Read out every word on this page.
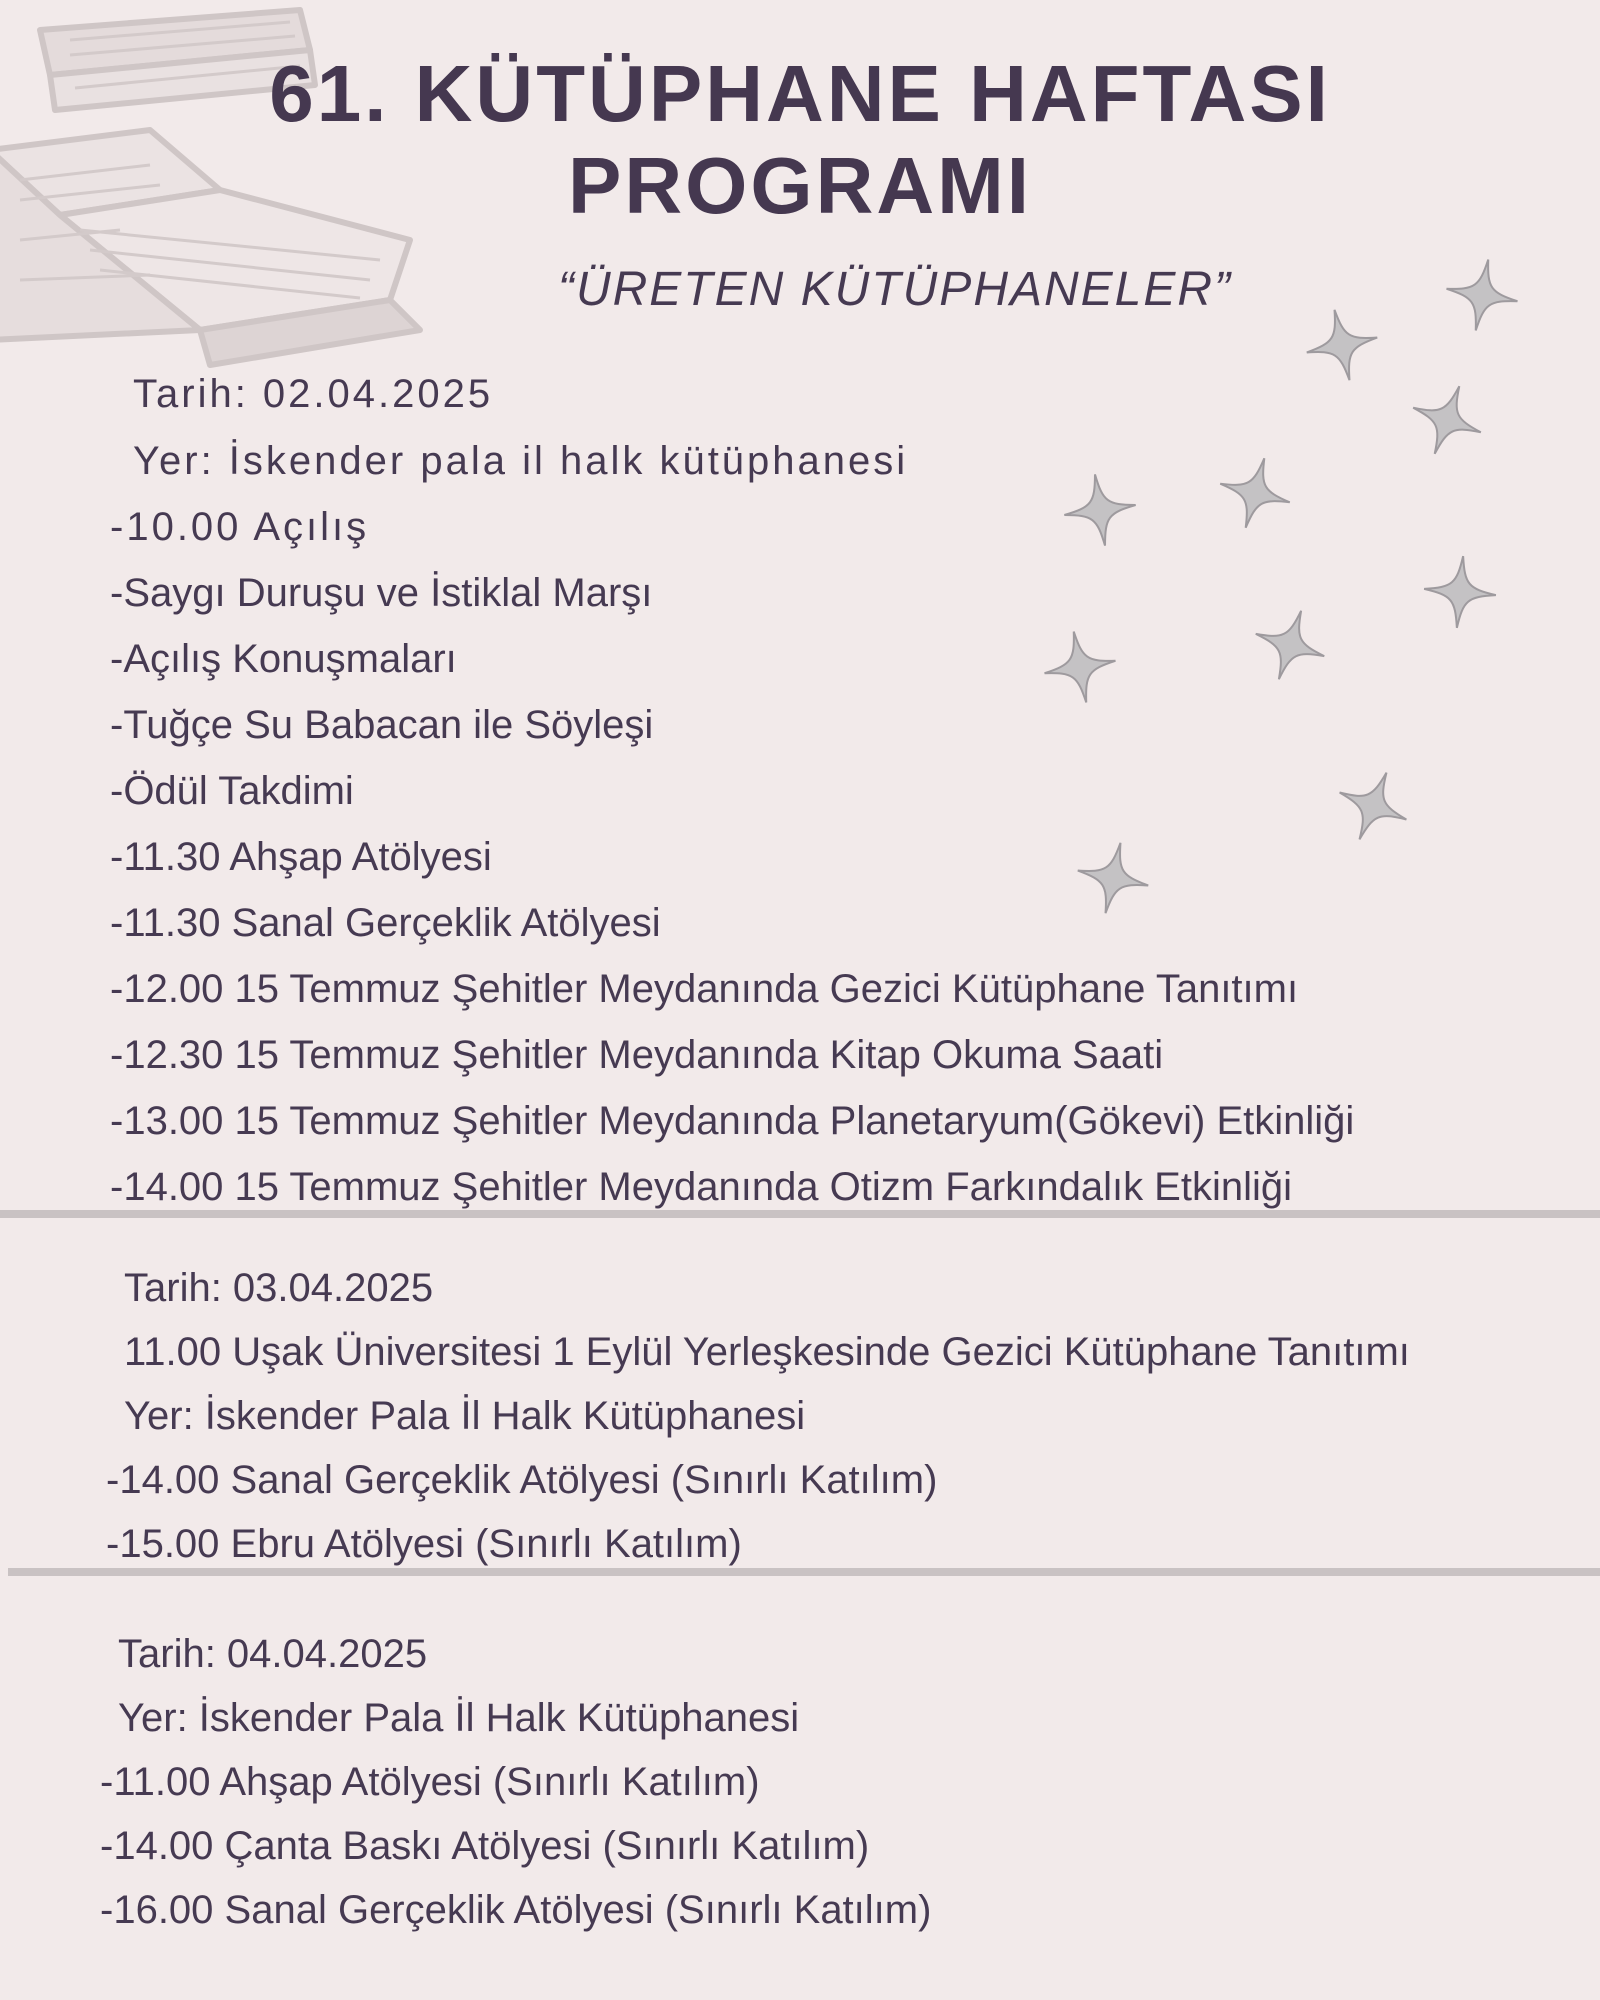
61. KÜTÜPHANE HAFTASI
PROGRAMI
“ÜRETEN KÜTÜPHANELER”
Tarih: 02.04.2025
Yer: İskender pala il halk kütüphanesi
-10.00 Açılış
-Saygı Duruşu ve İstiklal Marşı
-Açılış Konuşmaları
-Tuğçe Su Babacan ile Söyleşi
-Ödül Takdimi
-11.30 Ahşap Atölyesi
-11.30 Sanal Gerçeklik Atölyesi
-12.00 15 Temmuz Şehitler Meydanında Gezici Kütüphane Tanıtımı
-12.30 15 Temmuz Şehitler Meydanında Kitap Okuma Saati
-13.00 15 Temmuz Şehitler Meydanında Planetaryum(Gökevi) Etkinliği
-14.00 15 Temmuz Şehitler Meydanında Otizm Farkındalık Etkinliği
Tarih: 03.04.2025
11.00 Uşak Üniversitesi 1 Eylül Yerleşkesinde Gezici Kütüphane Tanıtımı
Yer: İskender Pala İl Halk Kütüphanesi
-14.00 Sanal Gerçeklik Atölyesi (Sınırlı Katılım)
-15.00 Ebru Atölyesi (Sınırlı Katılım)
Tarih: 04.04.2025
Yer: İskender Pala İl Halk Kütüphanesi
-11.00 Ahşap Atölyesi (Sınırlı Katılım)
-14.00 Çanta Baskı Atölyesi (Sınırlı Katılım)
-16.00 Sanal Gerçeklik Atölyesi (Sınırlı Katılım)
